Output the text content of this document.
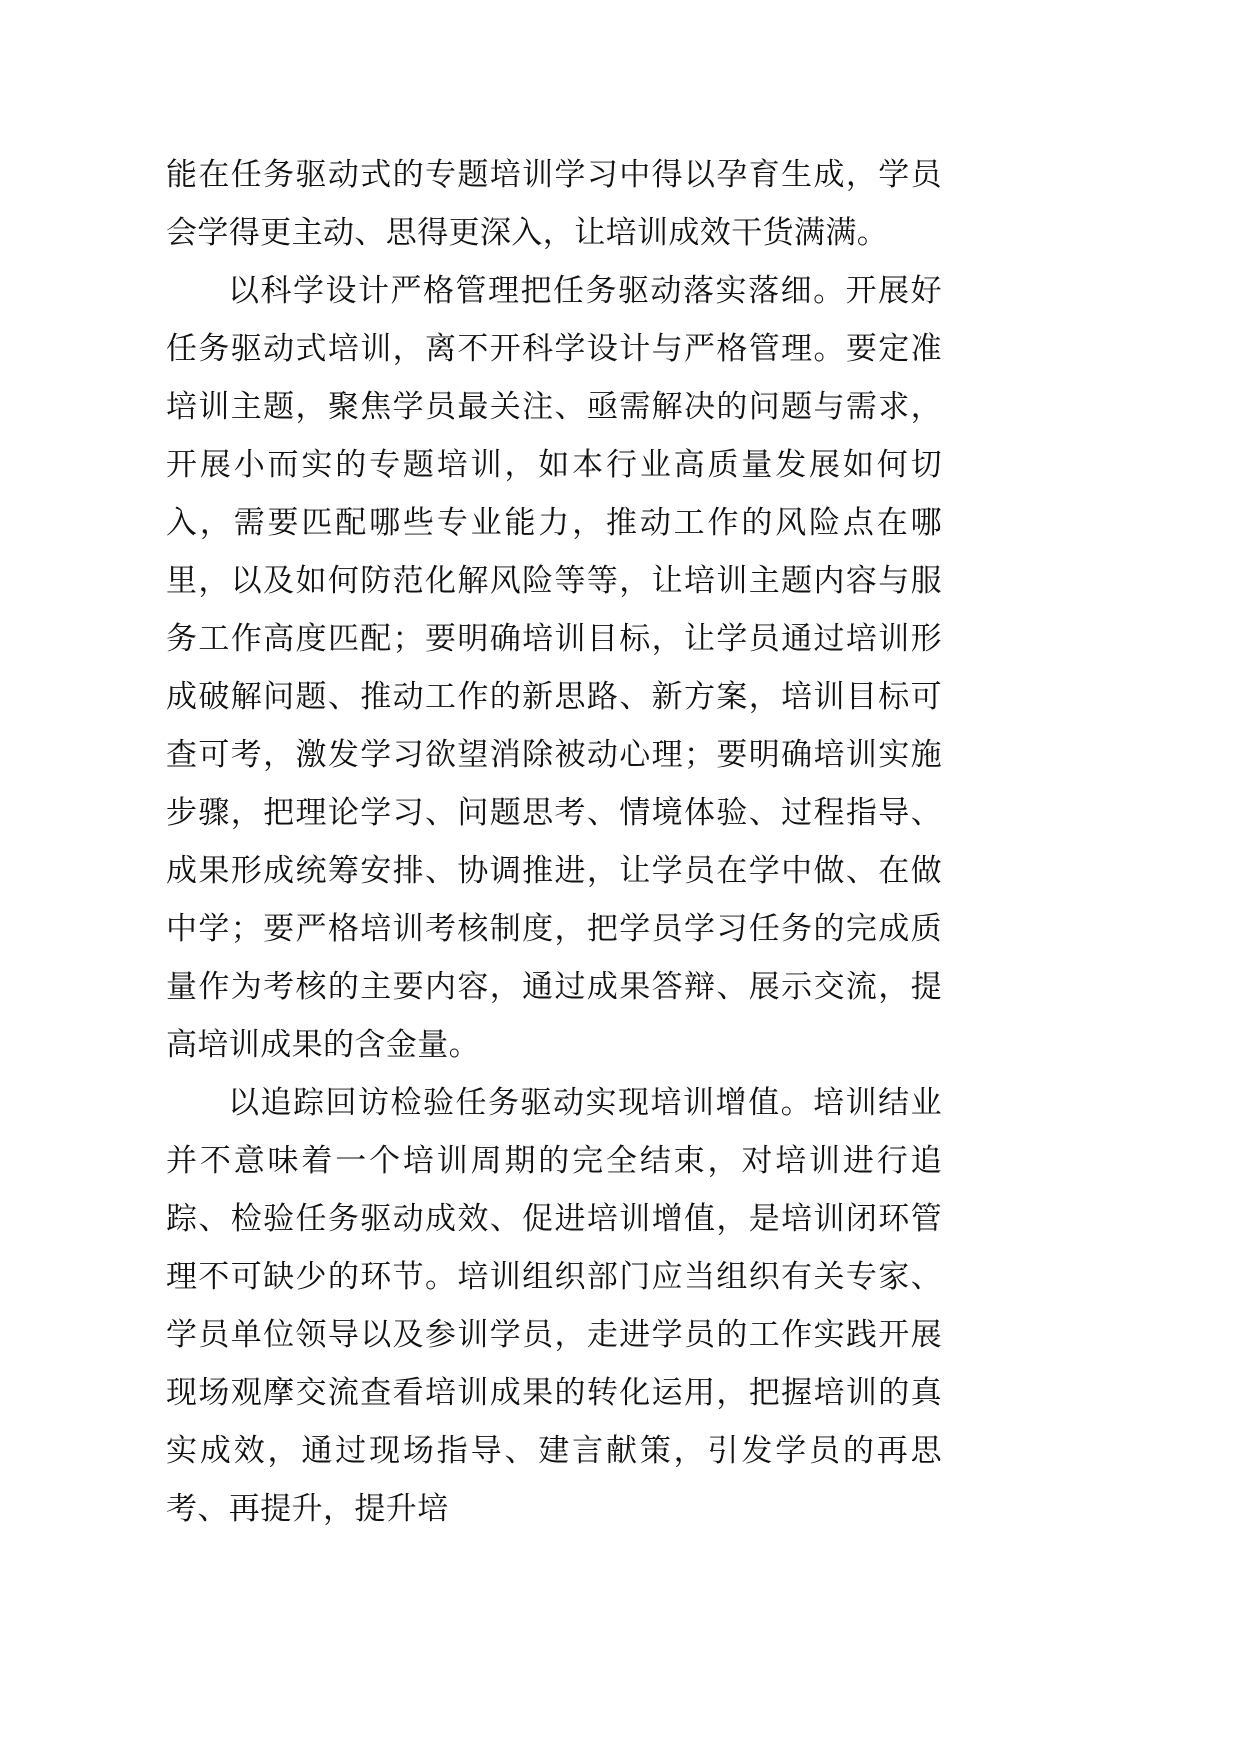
能在任务驱动式的专题培训学习中得以孕育生成，学员会学得更主动、思得更深入，让培训成效干货满满。

以科学设计严格管理把任务驱动落实落细。开展好任务驱动式培训，离不开科学设计与严格管理。要定准培训主题，聚焦学员最关注、亟需解决的问题与需求，开展小而实的专题培训，如本行业高质量发展如何切入，需要匹配哪些专业能力，推动工作的风险点在哪里，以及如何防范化解风险等等，让培训主题内容与服务工作高度匹配；要明确培训目标，让学员通过培训形成破解问题、推动工作的新思路、新方案，培训目标可查可考，激发学习欲望消除被动心理；要明确培训实施步骤，把理论学习、问题思考、情境体验、过程指导、成果形成统筹安排、协调推进，让学员在学中做、在做中学；要严格培训考核制度，把学员学习任务的完成质量作为考核的主要内容，通过成果答辩、展示交流，提高培训成果的含金量。

以追踪回访检验任务驱动实现培训增值。培训结业并不意味着一个培训周期的完全结束，对培训进行追踪、检验任务驱动成效、促进培训增值，是培训闭环管理不可缺少的环节。培训组织部门应当组织有关专家、学员单位领导以及参训学员，走进学员的工作实践开展现场观摩交流查看培训成果的转化运用，把握培训的真实成效，通过现场指导、建言献策，引发学员的再思考、再提升，提升培
